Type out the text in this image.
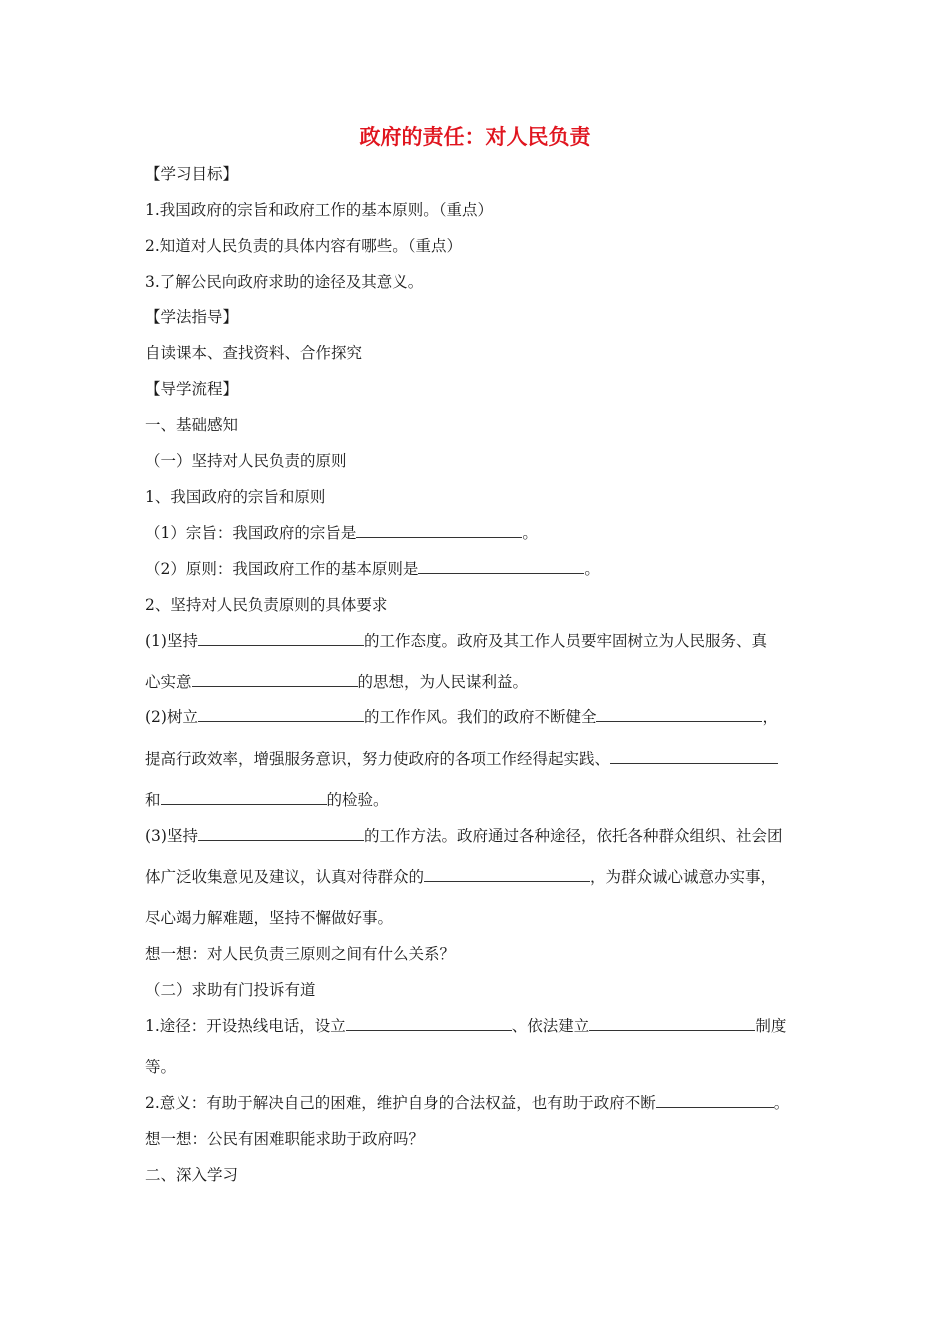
政府的责任：对人民负责
【学习目标】
1.我国政府的宗旨和政府工作的基本原则。（重点）
2.知道对人民负责的具体内容有哪些。（重点）
3.了解公民向政府求助的途径及其意义。
【学法指导】
自读课本、查找资料、合作探究
【导学流程】
一、基础感知
（一）坚持对人民负责的原则
1、我国政府的宗旨和原则
（1）宗旨：我国政府的宗旨是	。
（2）原则：我国政府工作的基本原则是	。
2、坚持对人民负责原则的具体要求
(1)坚持	的工作态度。政府及其工作人员要牢固树立为人民服务、真
心实意	的思想，为人民谋利益。
(2)树立	的工作作风。我们的政府不断健全	，
提高行政效率，增强服务意识，努力使政府的各项工作经得起实践、
和	的检验。
(3)坚持	的工作方法。政府通过各种途径，依托各种群众组织、社会团
体广泛收集意见及建议，认真对待群众的	，为群众诚心诚意办实事，
尽心竭力解难题，坚持不懈做好事。
想一想：对人民负责三原则之间有什么关系？
（二）求助有门投诉有道
1.途径：开设热线电话，设立	、依法建立	制度
等。
2.意义：有助于解决自己的困难，维护自身的合法权益，也有助于政府不断	。
想一想：公民有困难职能求助于政府吗？
二、深入学习
